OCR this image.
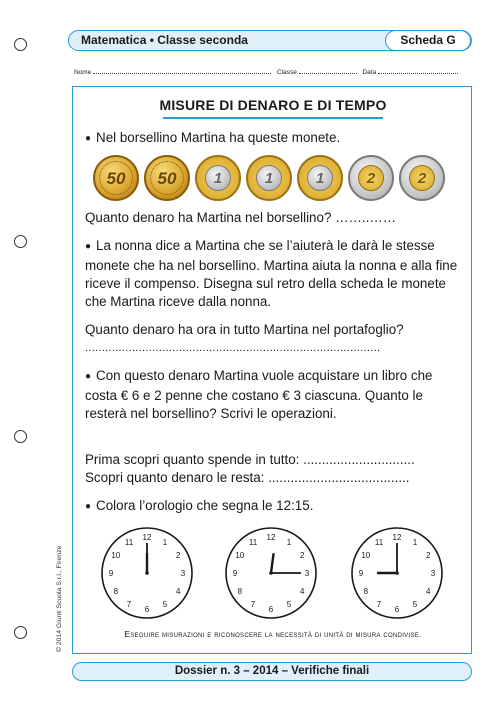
Matematica • Classe seconda	Scheda G
Nome	Classe	Data
MISURE DI DENARO E DI TEMPO
● Nel borsellino Martina ha queste monete.
50	50	1	1	1	2	2
Quanto denaro ha Martina nel borsellino? ……..……
● La nonna dice a Martina che se l’aiuterà le darà le stesse monete che ha nel borsellino. Martina aiuta la nonna e alla fine riceve il compenso. Disegna sul retro della scheda le monete che Martina riceve dalla nonna.
Quanto denaro ha ora in tutto Martina nel portafoglio?
........................................................................................
● Con questo denaro Martina vuole acquistare un libro che costa € 6 e 2 penne che costano € 3 ciascuna. Quanto le resterà nel borsellino? Scrivi le operazioni.
Prima scopri quanto spende in tutto: ..............................
Scopri quanto denaro le resta: ......................................
● Colora l’orologio che segna le 12:15.
1
2
3
4
5
6
7
8
9
10
11
12
1
2
3
4
5
6
7
8
9
10
11
12
1
2
3
4
5
6
7
8
9
10
11
12
Eseguire misurazioni e riconoscere la necessità di unità di misura condivise.
© 2014 Giunti Scuola S.r.l., Firenze
Dossier n. 3 – 2014 – Verifiche finali
